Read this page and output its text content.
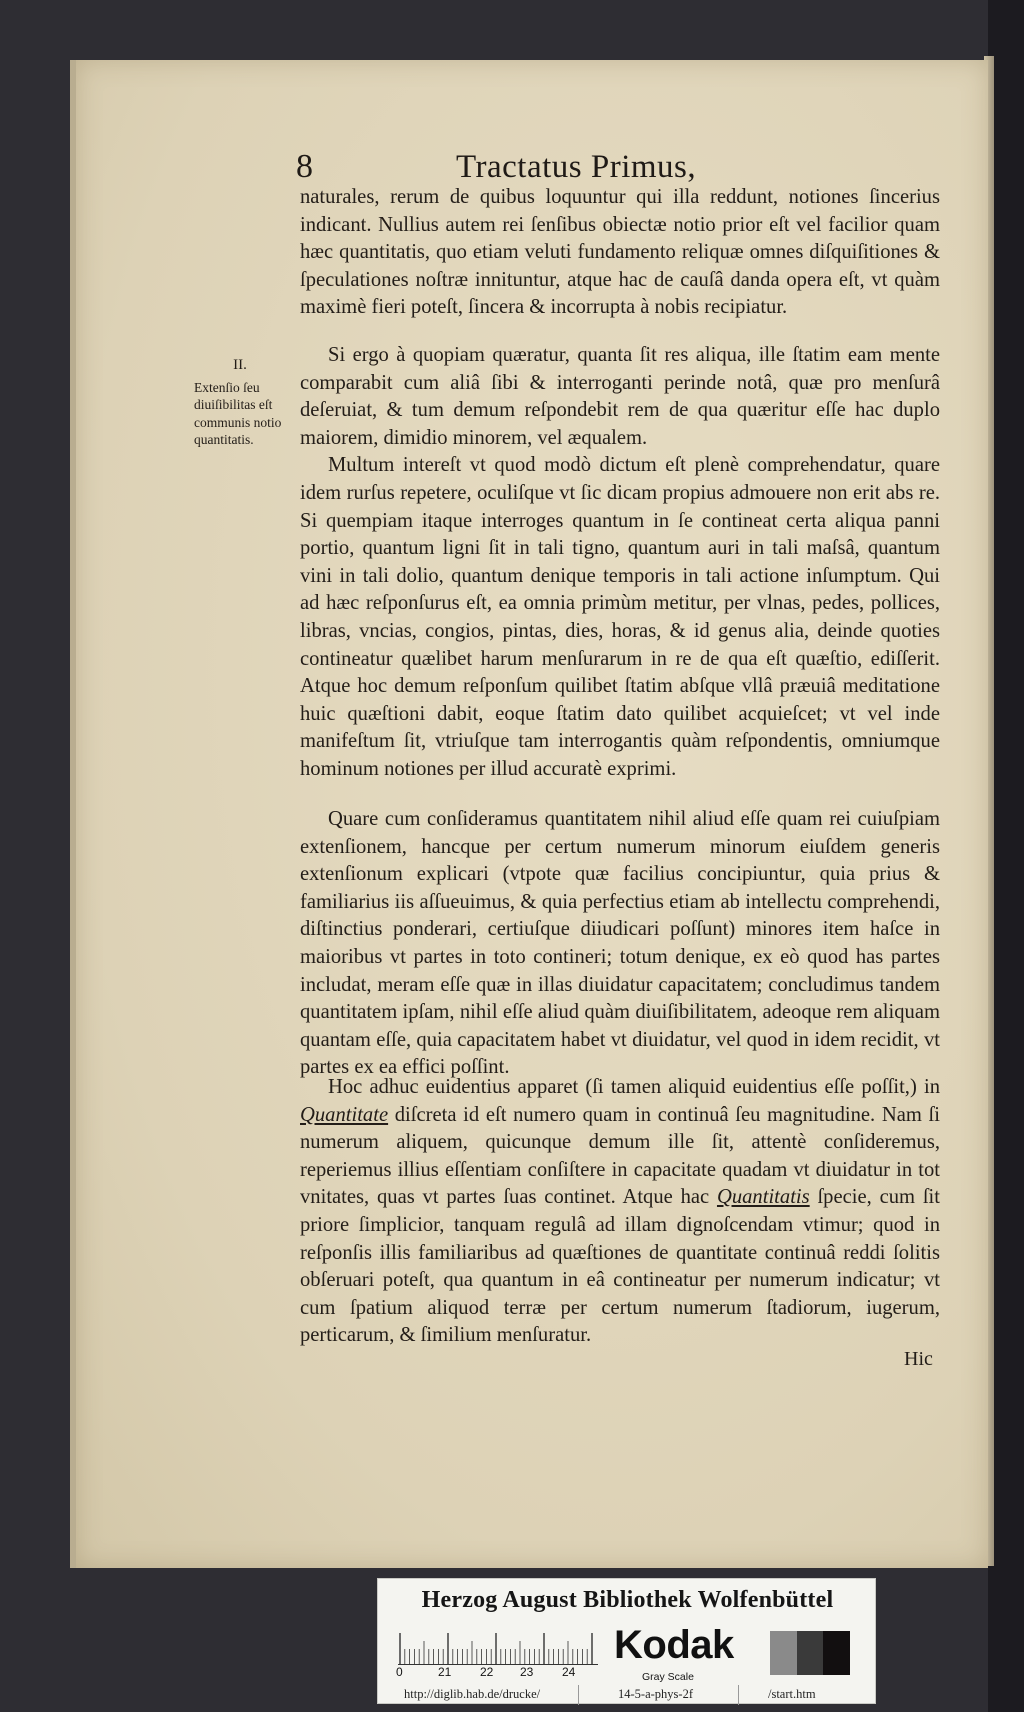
8	Tractatus Primus,
II.
Extenſio ſeu diuiſibilitas eſt communis notio quantitatis.

naturales, rerum de quibus loquuntur qui illa reddunt, notiones ſincerius indicant. Nullius autem rei ſenſibus obiectæ notio prior eſt vel facilior quam hæc quantitatis, quo etiam veluti fundamento reliquæ omnes diſquiſitiones & ſpeculationes noſtræ innituntur, atque hac de cauſâ danda opera eſt, vt quàm maximè fieri poteſt, ſincera & incorrupta à nobis recipiatur.

Si ergo à quopiam quæratur, quanta ſit res aliqua, ille ſtatim eam mente comparabit cum aliâ ſibi & interroganti perinde notâ, quæ pro menſurâ deſeruiat, & tum demum reſpondebit rem de qua quæritur eſſe hac duplo maiorem, dimidio minorem, vel æqualem.

Multum intereſt vt quod modò dictum eſt plenè comprehendatur, quare idem rurſus repetere, oculiſque vt ſic dicam propius admouere non erit abs re. Si quempiam itaque interroges quantum in ſe contineat certa aliqua panni portio, quantum ligni ſit in tali tigno, quantum auri in tali maſsâ, quantum vini in tali dolio, quantum denique temporis in tali actione inſumptum. Qui ad hæc reſponſurus eſt, ea omnia primùm metitur, per vlnas, pedes, pollices, libras, vncias, congios, pintas, dies, horas, & id genus alia, deinde quoties contineatur quælibet harum menſurarum in re de qua eſt quæſtio, ediſſerit. Atque hoc demum reſponſum quilibet ſtatim abſque vllâ præuiâ meditatione huic quæſtioni dabit, eoque ſtatim dato quilibet acquieſcet; vt vel inde manifeſtum ſit, vtriuſque tam interrogantis quàm reſpondentis, omniumque hominum notiones per illud accuratè exprimi.

Quare cum conſideramus quantitatem nihil aliud eſſe quam rei cuiuſpiam extenſionem, hancque per certum numerum minorum eiuſdem generis extenſionum explicari (vtpote quæ facilius concipiuntur, quia prius & familiarius iis aſſueuimus, & quia perfectius etiam ab intellectu comprehendi, diſtinctius ponderari, certiuſque diiudicari poſſunt) minores item haſce in maioribus vt partes in toto contineri; totum denique, ex eò quod has partes includat, meram eſſe quæ in illas diuidatur capacitatem; concludimus tandem quantitatem ipſam, nihil eſſe aliud quàm diuiſibilitatem, adeoque rem aliquam quantam eſſe, quia capacitatem habet vt diuidatur, vel quod in idem recidit, vt partes ex ea effici poſſint.

Hoc adhuc euidentius apparet (ſi tamen aliquid euidentius eſſe poſſit,) in Quantitate diſcreta id eſt numero quam in continuâ ſeu magnitudine. Nam ſi numerum aliquem, quicunque demum ille ſit, attentè conſideremus, reperiemus illius eſſentiam conſiſtere in capacitate quadam vt diuidatur in tot vnitates, quas vt partes ſuas continet. Atque hac Quantitatis ſpecie, cum ſit priore ſimplicior, tanquam regulâ ad illam dignoſcendam vtimur; quod in reſponſis illis familiaribus ad quæſtiones de quantitate continuâ reddi ſolitis obſeruari poteſt, qua quantum in eâ contineatur per numerum indicatur; vt cum ſpatium aliquod terræ per certum numerum ſtadiorum, iugerum, perticarum, & ſimilium menſuratur.

Hic
Herzog August Bibliothek Wolfenbüttel
0	21 22 23 24
Kodak
Gray Scale
http://diglib.hab.de/drucke/	14-5-a-phys-2f	/start.htm
